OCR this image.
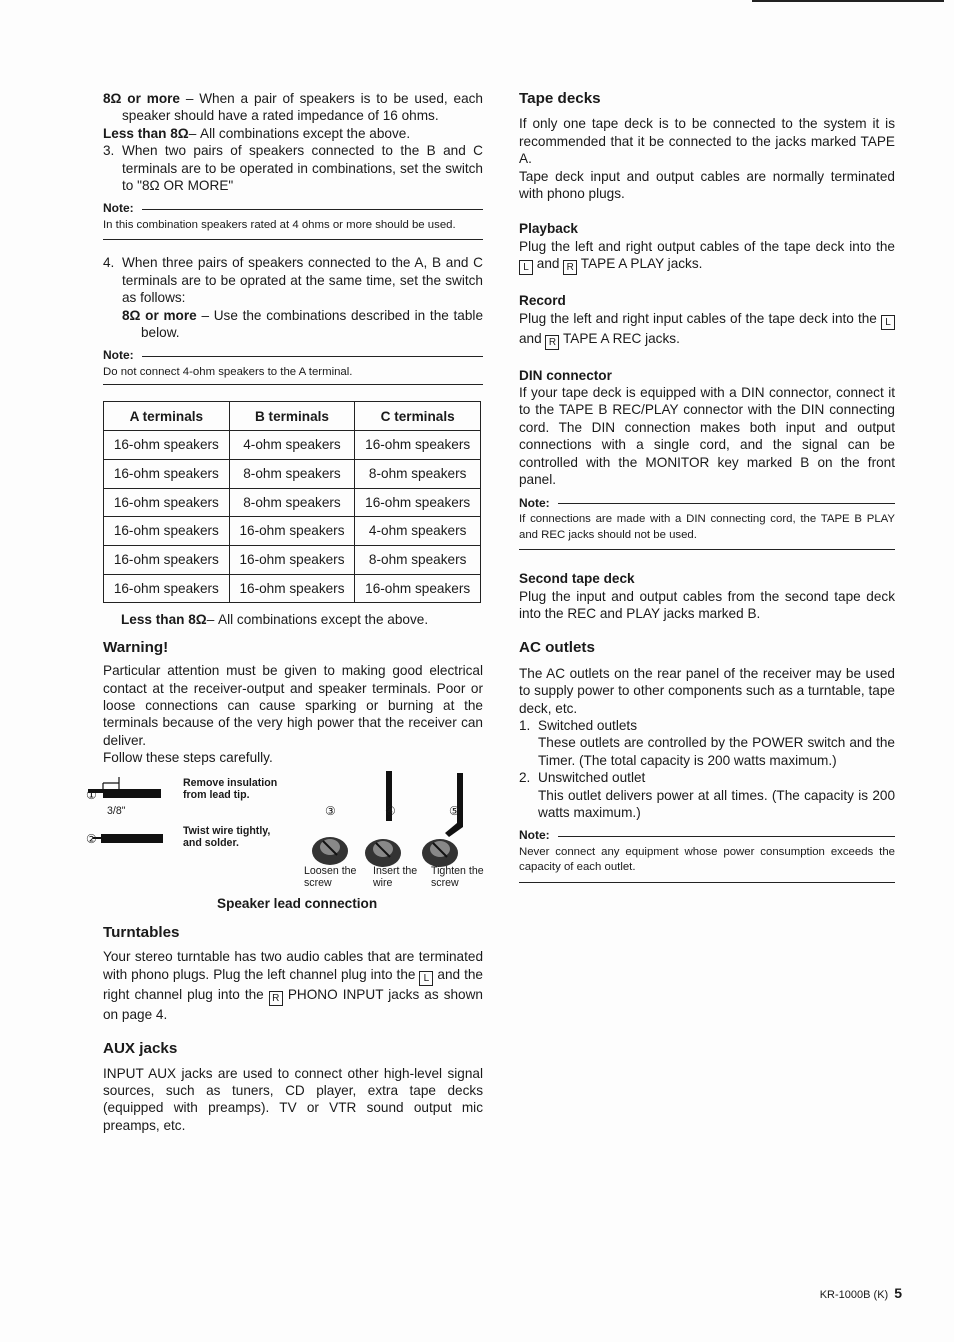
8Ω or more – When a pair of speakers is to be used, each speaker should have a rated impedance of 16 ohms.

Less than 8Ω– All combinations except the above.

3. When two pairs of speakers connected to the B and C terminals are to be operated in combinations, set the switch to "8Ω OR MORE"
Note:

In this combination speakers rated at 4 ohms or more should be used.

4. When three pairs of speakers connected to the A, B and C terminals are to be oprated at the same time, set the switch as follows:

8Ω or more – Use the combinations described in the table below.

Note:

Do not connect 4-ohm speakers to the A terminal.

A terminals	B terminals	C terminals
16-ohm speakers	4-ohm speakers	16-ohm speakers
16-ohm speakers	8-ohm speakers	8-ohm speakers
16-ohm speakers	8-ohm speakers	16-ohm speakers
16-ohm speakers	16-ohm speakers	4-ohm speakers
16-ohm speakers	16-ohm speakers	8-ohm speakers
16-ohm speakers	16-ohm speakers	16-ohm speakers

Less than 8Ω– All combinations except the above.

Warning!

Particular attention must be given to making good electrical contact at the receiver-output and speaker terminals. Poor or loose connections can cause sparking or burning at the terminals because of the very high power that the receiver can deliver.

Follow these steps carefully.

①
②
③	④	⑤
Remove insulation from lead tip.
3/8"
Twist wire tightly, and solder.
Loosen the screw
Insert the wire
Tighten the screw

Speaker lead connection

Turntables

Your stereo turntable has two audio cables that are terminated with phono plugs. Plug the left channel plug into the L and the right channel plug into the R PHONO INPUT jacks as shown on page 4.

AUX jacks

INPUT AUX jacks are used to connect other high-level signal sources, such as tuners, CD player, extra tape decks (equipped with preamps). TV or VTR sound output mic preamps, etc.

Tape decks

If only one tape deck is to be connected to the system it is recommended that it be connected to the jacks marked TAPE A.

Tape deck input and output cables are normally terminated with phono plugs.

Playback

Plug the left and right output cables of the tape deck into the L and R TAPE A PLAY jacks.

Record

Plug the left and right input cables of the tape deck into the L and R TAPE A REC jacks.

DIN connector

If your tape deck is equipped with a DIN connector, connect it to the TAPE B REC/PLAY connector with the DIN connecting cord. The DIN connection makes both input and output connections with a single cord, and the signal can be controlled with the MONITOR key marked B on the front panel.

Note:

If connections are made with a DIN connecting cord, the TAPE B PLAY and REC jacks should not be used.

Second tape deck

Plug the input and output cables from the second tape deck into the REC and PLAY jacks marked B.

AC outlets

The AC outlets on the rear panel of the receiver may be used to supply power to other components such as a turntable, tape deck, etc.

1. Switched outlets

These outlets are controlled by the POWER switch and the Timer. (The total capacity is 200 watts maximum.)

2. Unswitched outlet

This outlet delivers power at all times. (The capacity is 200 watts maximum.)

Note:

Never connect any equipment whose power consumption exceeds the capacity of each outlet.

KR-1000B (K) 5
